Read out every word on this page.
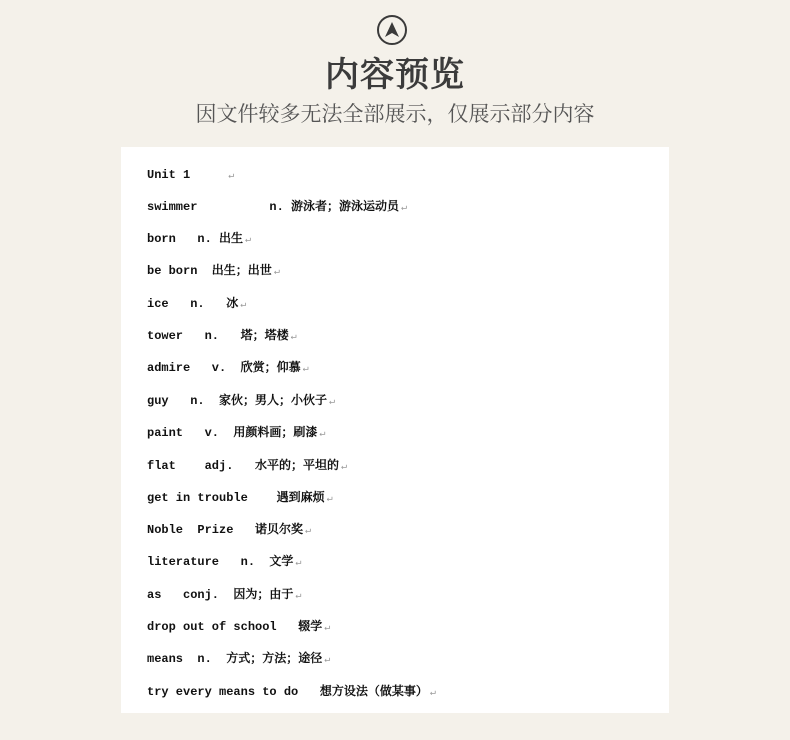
内容预览
因文件较多无法全部展示，仅展示部分内容
Unit 1     ↵
swimmer          n. 游泳者；游泳运动员 ↵
born   n. 出生 ↵
be born  出生；出世 ↵
ice   n.   冰 ↵
tower   n.   塔；塔楼 ↵
admire   v.  欣赏；仰慕 ↵
guy   n.  家伙；男人；小伙子 ↵
paint   v.  用颜料画；刷漆 ↵
flat    adj.   水平的；平坦的 ↵
get in trouble    遇到麻烦 ↵
Noble  Prize   诺贝尔奖 ↵
literature   n.  文学 ↵
as   conj.  因为；由于 ↵
drop out of school   辍学 ↵
means  n.  方式；方法；途径 ↵
try every means to do   想方设法（做某事） ↵
